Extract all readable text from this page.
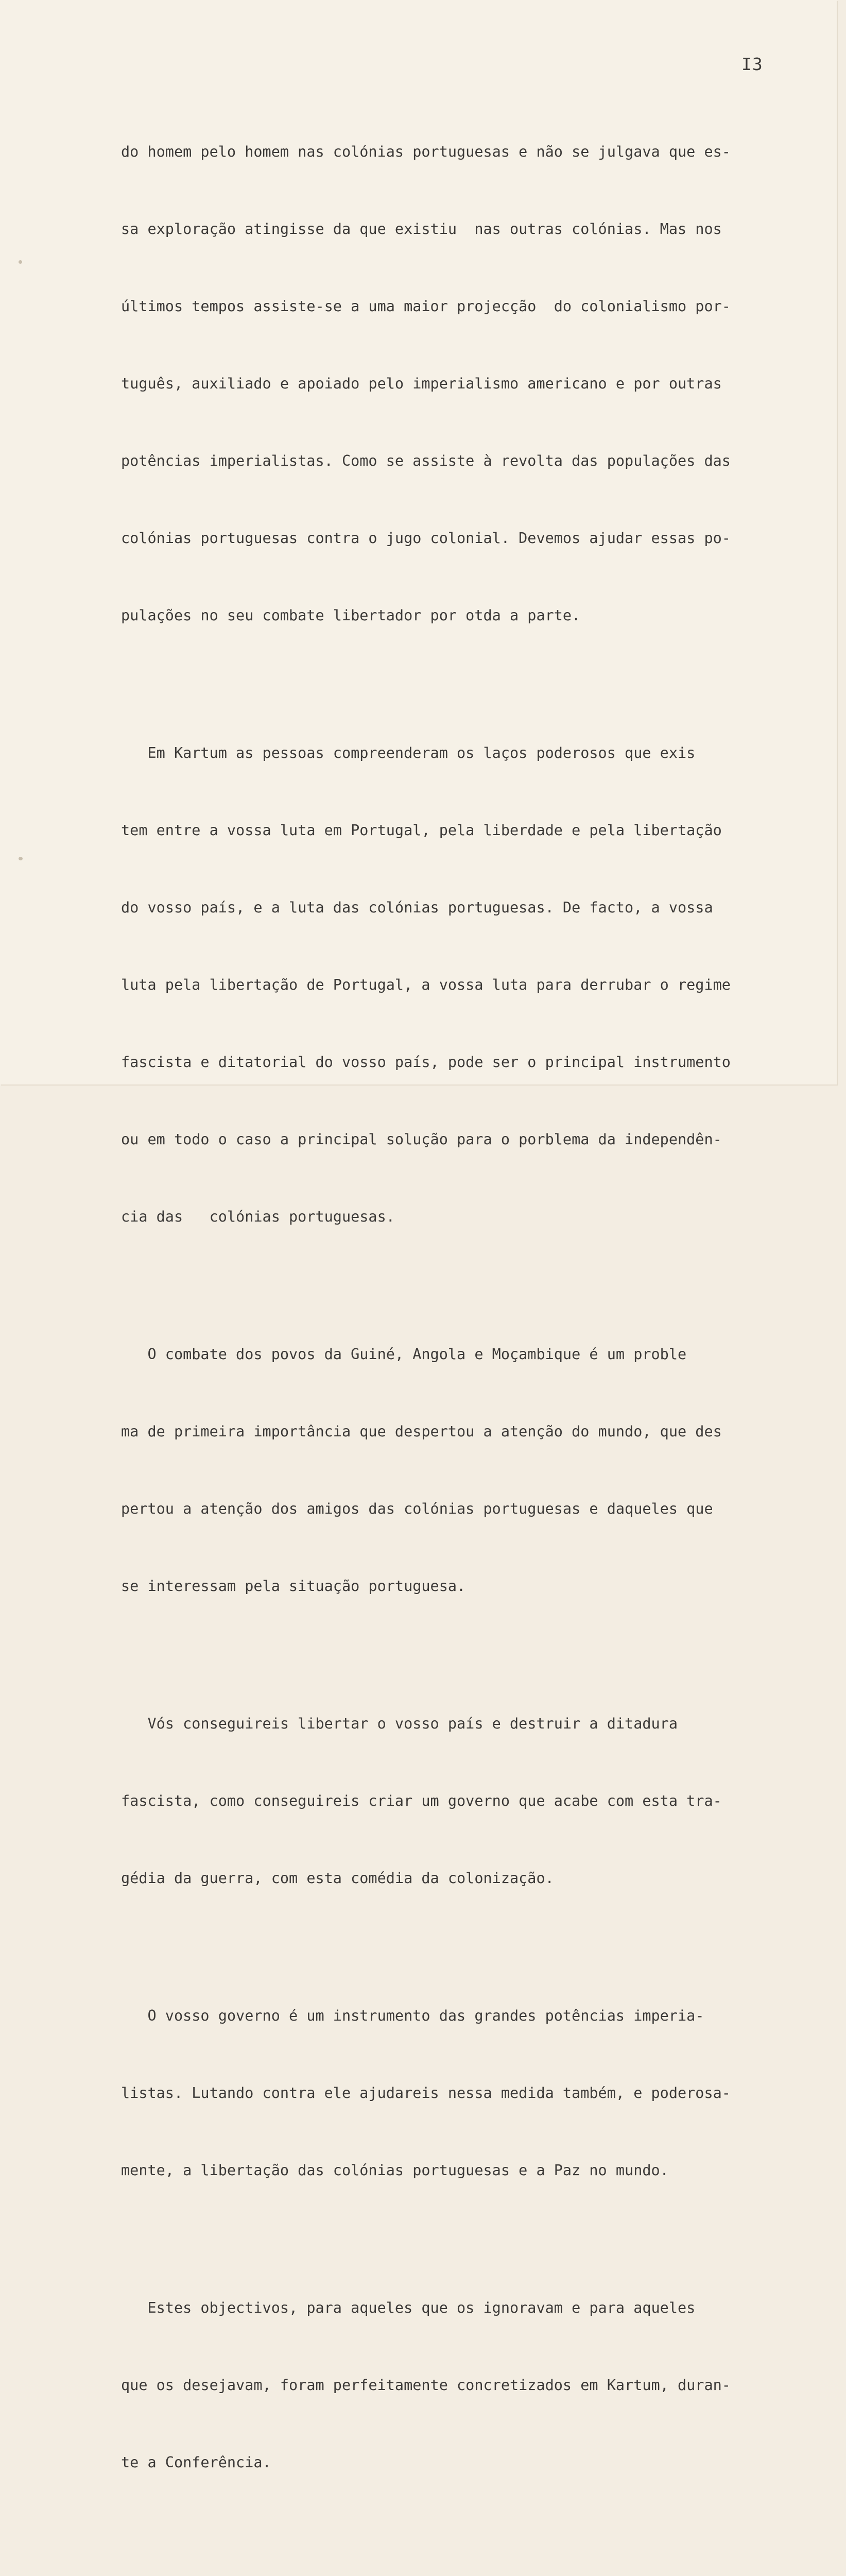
I3

do homem pelo homem nas colónias portuguesas e não se julgava que es-

sa exploração atingisse da que existiu  nas outras colónias. Mas nos

últimos tempos assiste-se a uma maior projecção  do colonialismo por-

tuguês, auxiliado e apoiado pelo imperialismo americano e por outras

potências imperialistas. Como se assiste à revolta das populações das

colónias portuguesas contra o jugo colonial. Devemos ajudar essas po-

pulações no seu combate libertador por otda a parte.

Em Kartum as pessoas compreenderam os laços poderosos que exis

tem entre a vossa luta em Portugal, pela liberdade e pela libertação

do vosso país, e a luta das colónias portuguesas. De facto, a vossa

luta pela libertação de Portugal, a vossa luta para derrubar o regime

fascista e ditatorial do vosso país, pode ser o principal instrumento

ou em todo o caso a principal solução para o porblema da independên-

cia das   colónias portuguesas.

O combate dos povos da Guiné, Angola e Moçambique é um proble

ma de primeira importância que despertou a atenção do mundo, que des

pertou a atenção dos amigos das colónias portuguesas e daqueles que

se interessam pela situação portuguesa.

Vós conseguireis libertar o vosso país e destruir a ditadura

fascista, como conseguireis criar um governo que acabe com esta tra-

gédia da guerra, com esta comédia da colonização.

O vosso governo é um instrumento das grandes potências imperia-

listas. Lutando contra ele ajudareis nessa medida também, e poderosa-

mente, a libertação das colónias portuguesas e a Paz no mundo.

Estes objectivos, para aqueles que os ignoravam e para aqueles

que os desejavam, foram perfeitamente concretizados em Kartum, duran-

te a Conferência.
